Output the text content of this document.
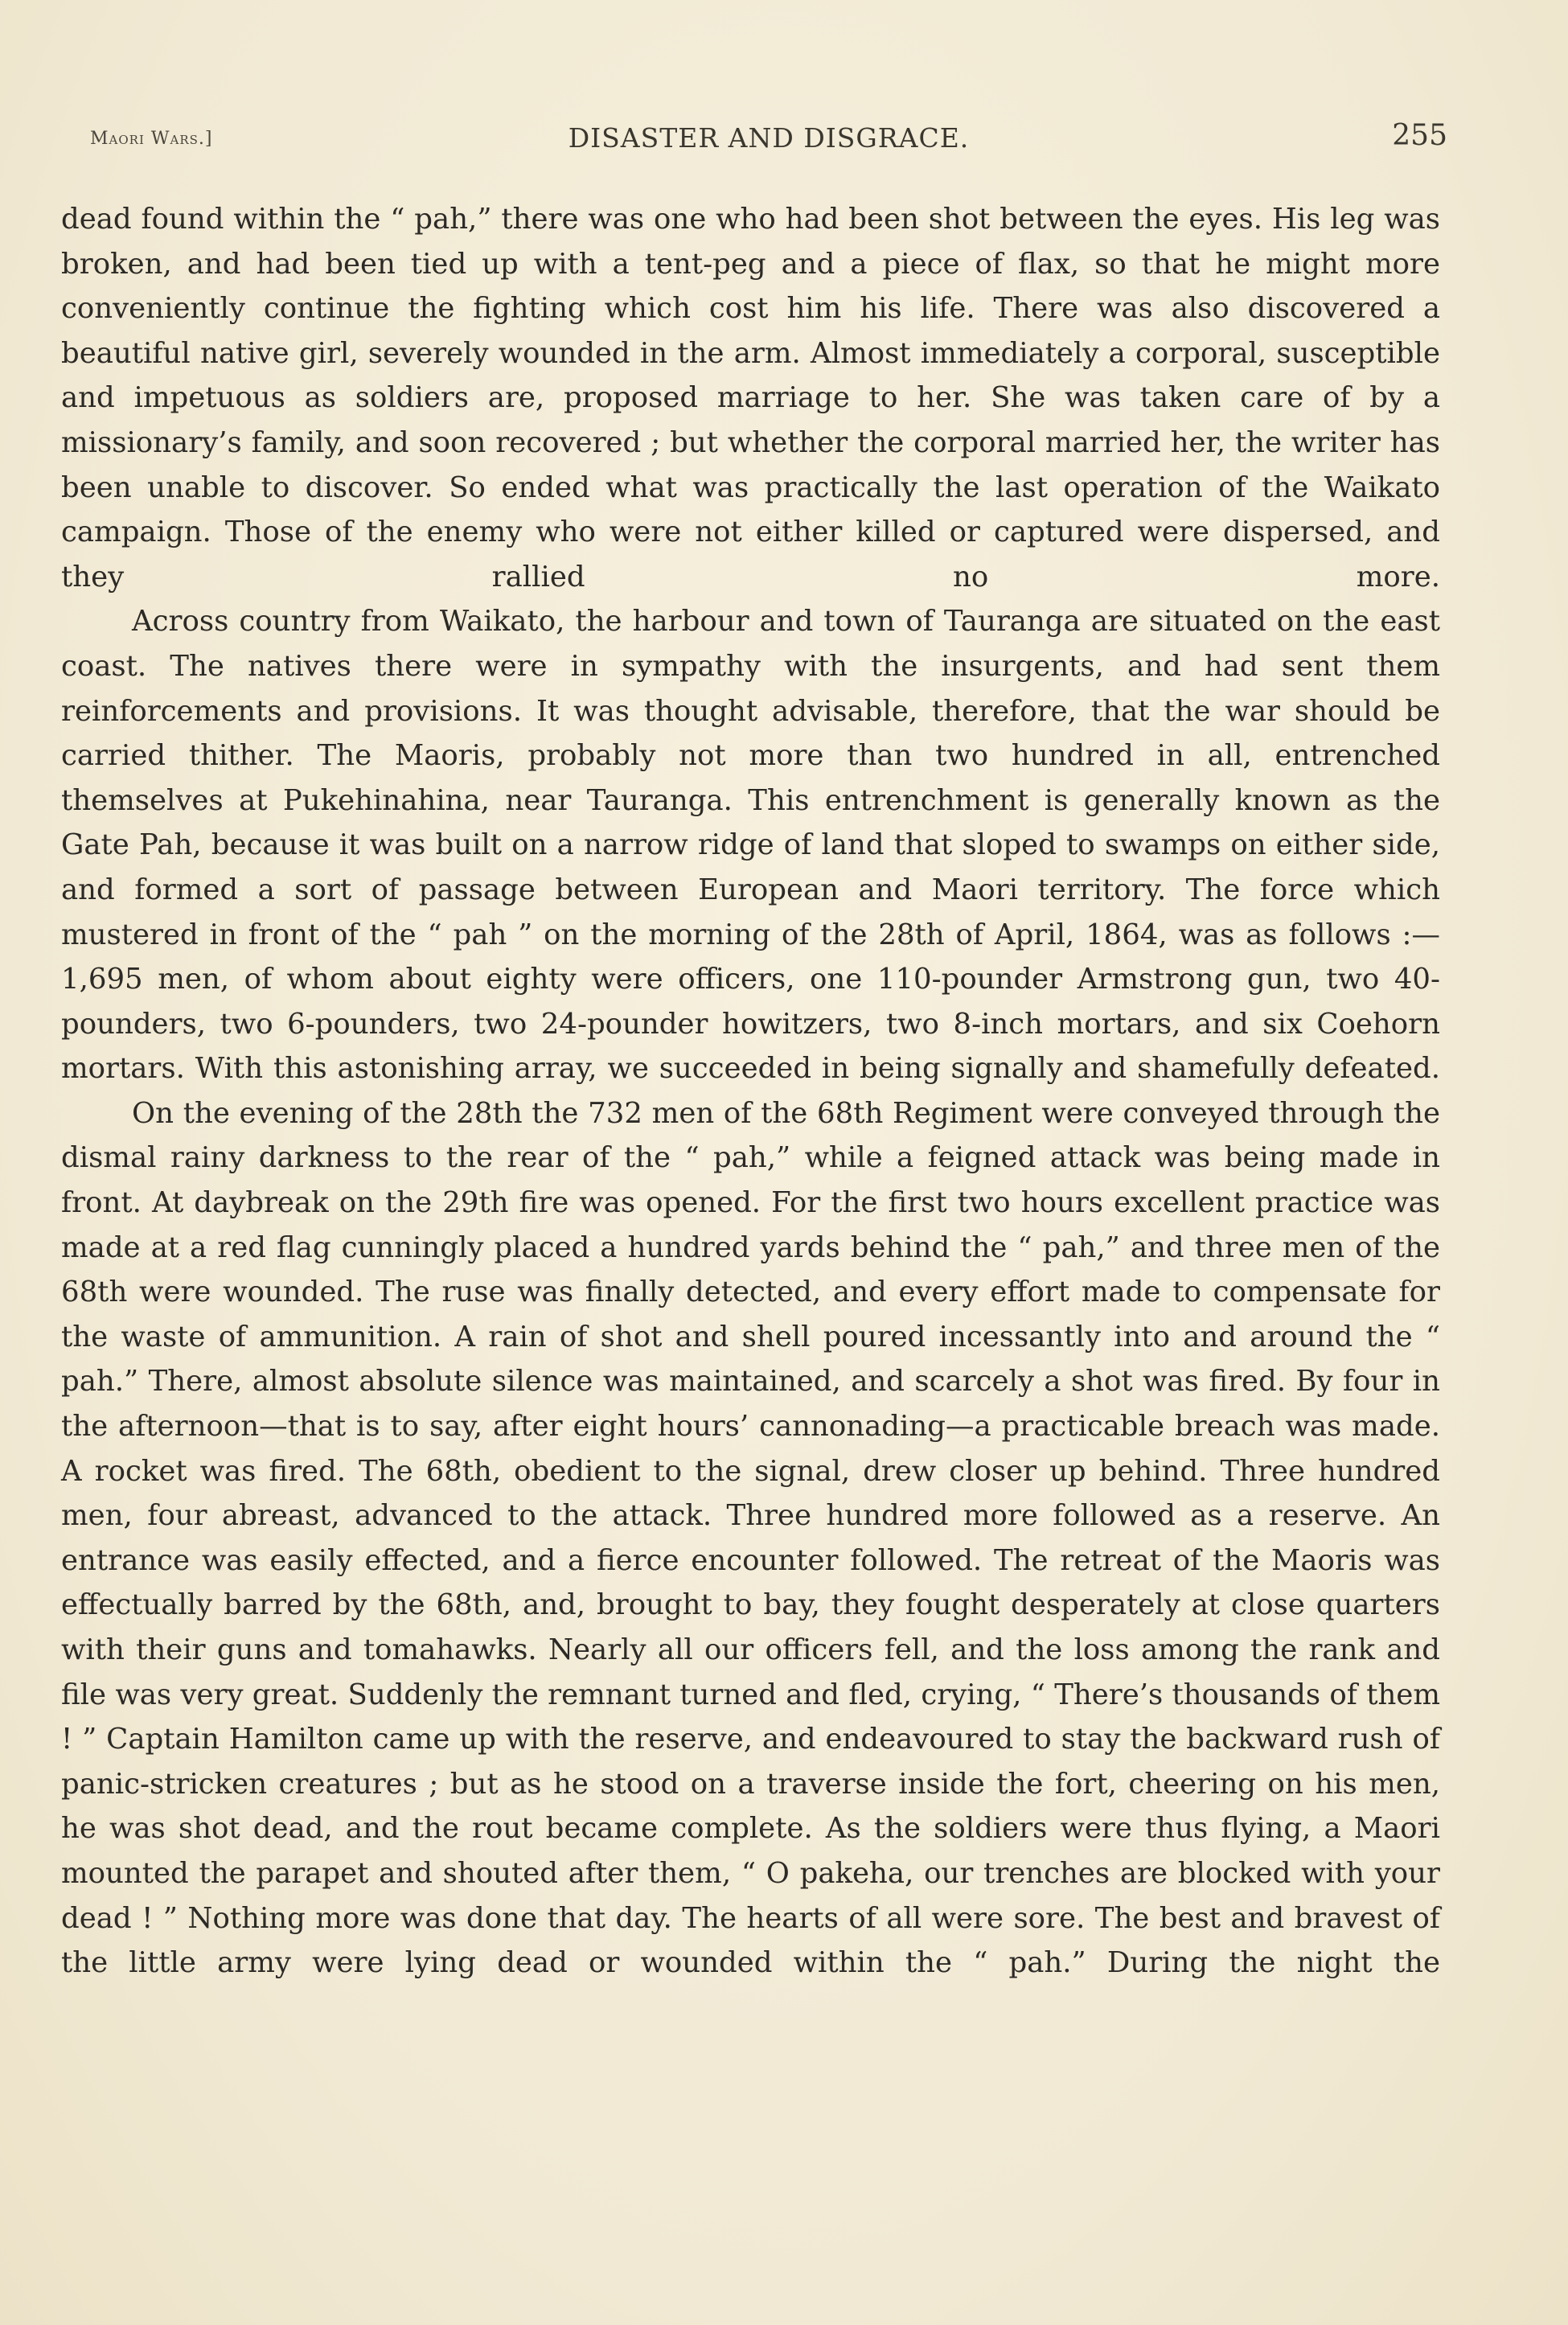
Maori Wars.]	DISASTER AND DISGRACE.	255

dead found within the “ pah,” there was one who had been shot between the eyes. His leg was broken, and had been tied up with a tent-peg and a piece of flax, so that he might more conveniently continue the fighting which cost him his life. There was also discovered a beautiful native girl, severely wounded in the arm. Almost immediately a corporal, susceptible and impetuous as soldiers are, proposed marriage to her. She was taken care of by a missionary’s family, and soon recovered ; but whether the corporal married her, the writer has been unable to discover. So ended what was practically the last operation of the Waikato campaign. Those of the enemy who were not either killed or captured were dispersed, and they rallied no more.

Across country from Waikato, the harbour and town of Tauranga are situated on the east coast. The natives there were in sympathy with the insurgents, and had sent them reinforcements and provisions. It was thought advisable, therefore, that the war should be carried thither. The Maoris, probably not more than two hundred in all, entrenched themselves at Pukehinahina, near Tauranga. This entrenchment is generally known as the Gate Pah, because it was built on a narrow ridge of land that sloped to swamps on either side, and formed a sort of passage between European and Maori territory. The force which mustered in front of the “ pah ” on the morning of the 28th of April, 1864, was as follows :—1,695 men, of whom about eighty were officers, one 110-pounder Armstrong gun, two 40-pounders, two 6-pounders, two 24-pounder howitzers, two 8-inch mortars, and six Coehorn mortars. With this astonishing array, we succeeded in being signally and shamefully defeated.

On the evening of the 28th the 732 men of the 68th Regiment were conveyed through the dismal rainy darkness to the rear of the “ pah,” while a feigned attack was being made in front. At daybreak on the 29th fire was opened. For the first two hours excellent practice was made at a red flag cunningly placed a hundred yards behind the “ pah,” and three men of the 68th were wounded. The ruse was finally detected, and every effort made to compensate for the waste of ammunition. A rain of shot and shell poured incessantly into and around the “ pah.” There, almost absolute silence was maintained, and scarcely a shot was fired. By four in the afternoon—that is to say, after eight hours’ cannonading—a practicable breach was made. A rocket was fired. The 68th, obedient to the signal, drew closer up behind. Three hundred men, four abreast, advanced to the attack. Three hundred more followed as a reserve. An entrance was easily effected, and a fierce encounter followed. The retreat of the Maoris was effectually barred by the 68th, and, brought to bay, they fought desperately at close quarters with their guns and tomahawks. Nearly all our officers fell, and the loss among the rank and file was very great. Suddenly the remnant turned and fled, crying, “ There’s thousands of them ! ” Captain Hamilton came up with the reserve, and endeavoured to stay the backward rush of panic-stricken creatures ; but as he stood on a traverse inside the fort, cheering on his men, he was shot dead, and the rout became complete. As the soldiers were thus flying, a Maori mounted the parapet and shouted after them, “ O pakeha, our trenches are blocked with your dead ! ” Nothing more was done that day. The hearts of all were sore. The best and bravest of the little army were lying dead or wounded within the “ pah.” During the night the
